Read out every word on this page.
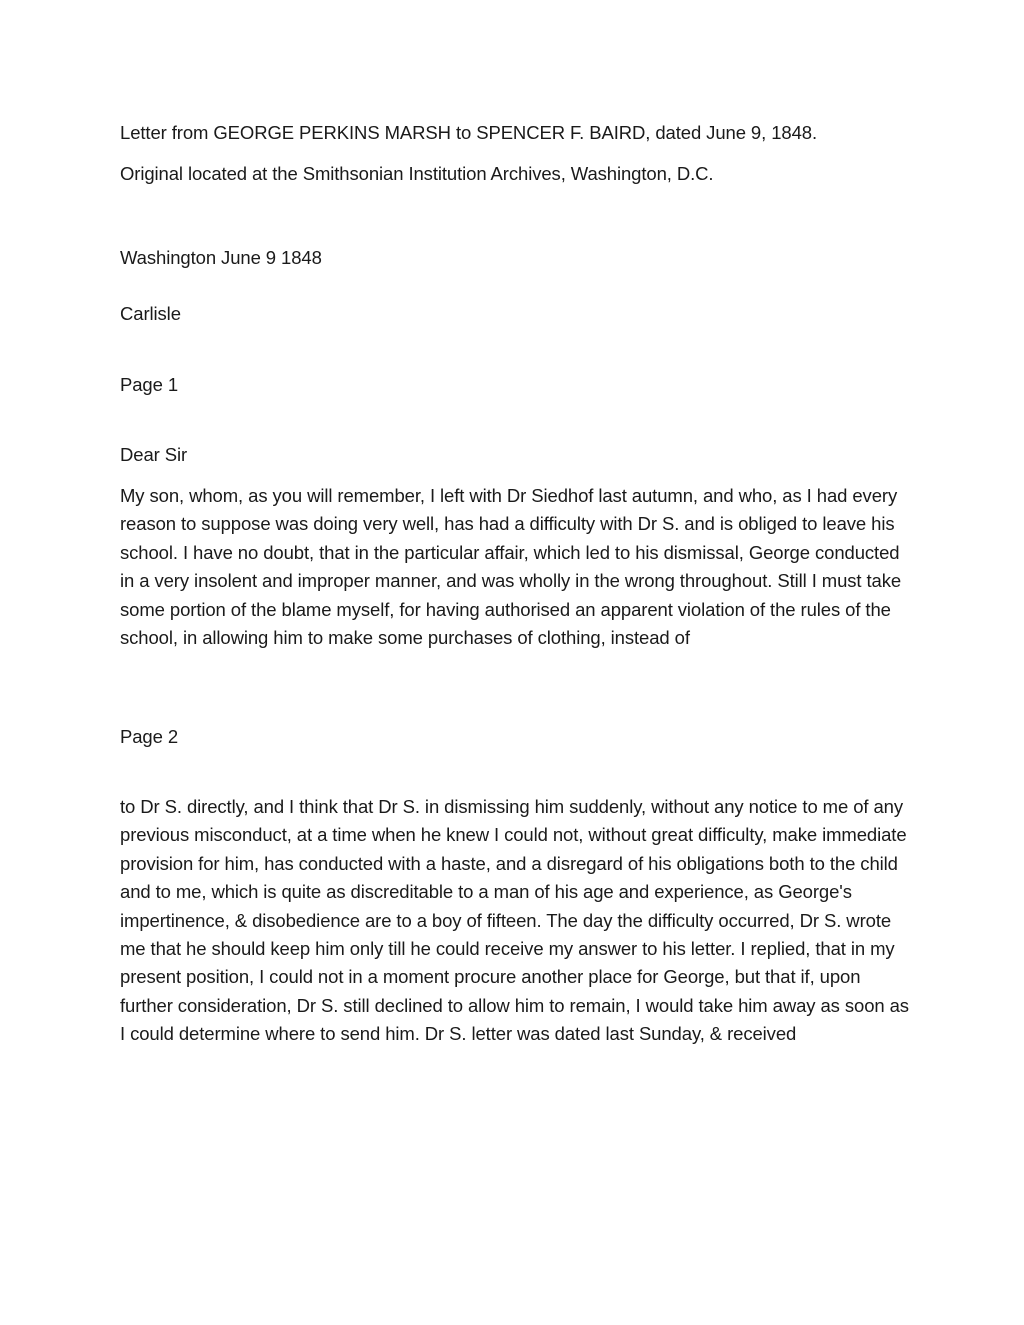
Letter from GEORGE PERKINS MARSH to SPENCER F. BAIRD, dated June 9, 1848.

Original located at the Smithsonian Institution Archives, Washington, D.C.

Washington June 9 1848

Carlisle

Page 1

Dear Sir

My son, whom, as you will remember, I left with Dr Siedhof last autumn, and who, as I had every reason to suppose was doing very well, has had a difficulty with Dr S. and is obliged to leave his school. I have no doubt, that in the particular affair, which led to his dismissal, George conducted in a very insolent and improper manner, and was wholly in the wrong throughout. Still I must take some portion of the blame myself, for having authorised an apparent violation of the rules of the school, in allowing him to make some purchases of clothing, instead of

Page 2

to Dr S. directly, and I think that Dr S. in dismissing him suddenly, without any notice to me of any previous misconduct, at a time when he knew I could not, without great difficulty, make immediate provision for him, has conducted with a haste, and a disregard of his obligations both to the child and to me, which is quite as discreditable to a man of his age and experience, as George's impertinence, & disobedience are to a boy of fifteen. The day the difficulty occurred, Dr S. wrote me that he should keep him only till he could receive my answer to his letter. I replied, that in my present position, I could not in a moment procure another place for George, but that if, upon further consideration, Dr S. still declined to allow him to remain, I would take him away as soon as I could determine where to send him. Dr S. letter was dated last Sunday, & received
